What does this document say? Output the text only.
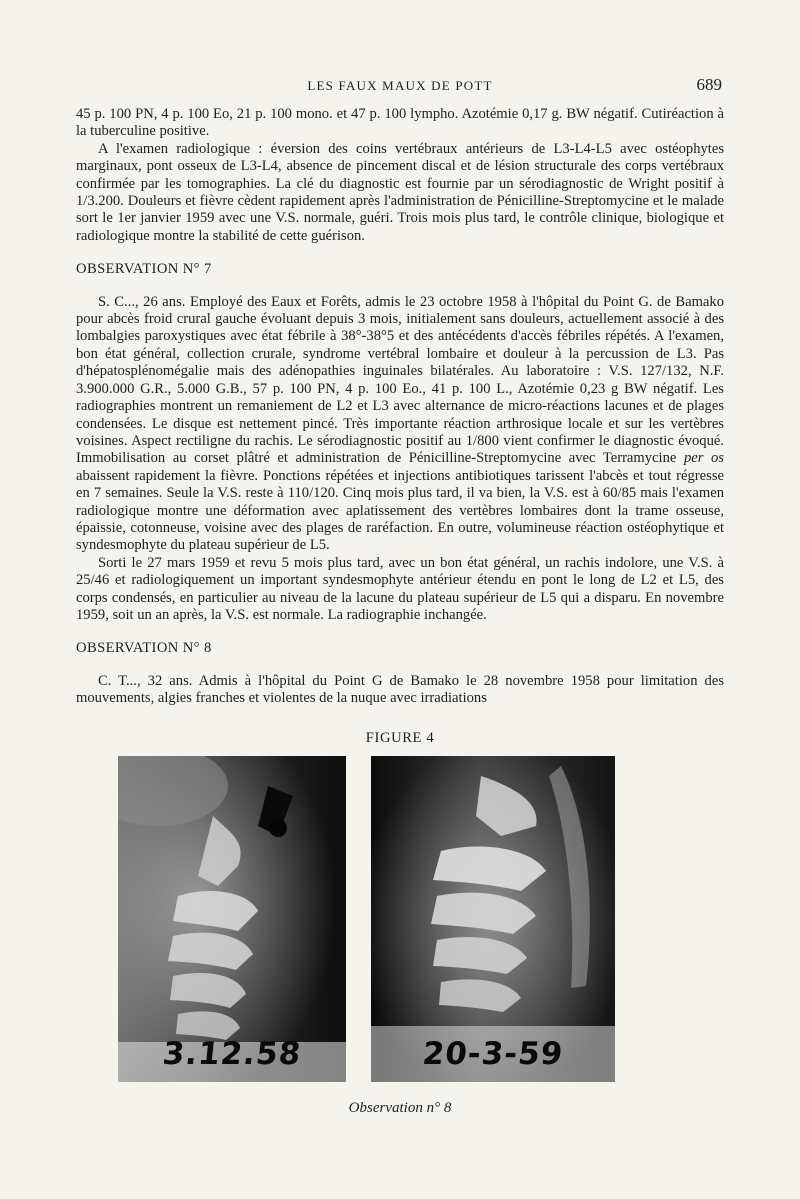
LES FAUX MAUX DE POTT	689

45 p. 100 PN, 4 p. 100 Eo, 21 p. 100 mono. et 47 p. 100 lympho. Azotémie 0,17 g. BW négatif. Cutiréaction à la tuberculine positive.

A l'examen radiologique : éversion des coins vertébraux antérieurs de L3-L4-L5 avec ostéophytes marginaux, pont osseux de L3-L4, absence de pincement discal et de lésion structurale des corps vertébraux confirmée par les tomographies. La clé du diagnostic est fournie par un sérodiagnostic de Wright positif à 1/3.200. Douleurs et fièvre cèdent rapidement après l'administration de Pénicilline-Streptomycine et le malade sort le 1er janvier 1959 avec une V.S. normale, guéri. Trois mois plus tard, le contrôle clinique, biologique et radiologique montre la stabilité de cette guérison.

OBSERVATION N° 7

S. C..., 26 ans. Employé des Eaux et Forêts, admis le 23 octobre 1958 à l'hôpital du Point G. de Bamako pour abcès froid crural gauche évoluant depuis 3 mois, initialement sans douleurs, actuellement associé à des lombalgies paroxystiques avec état fébrile à 38°-38°5 et des antécédents d'accès fébriles répétés. A l'examen, bon état général, collection crurale, syndrome vertébral lombaire et douleur à la percussion de L3. Pas d'hépatosplénomégalie mais des adénopathies inguinales bilatérales. Au laboratoire : V.S. 127/132, N.F. 3.900.000 G.R., 5.000 G.B., 57 p. 100 PN, 4 p. 100 Eo., 41 p. 100 L., Azotémie 0,23 g BW négatif. Les radiographies montrent un remaniement de L2 et L3 avec alternance de micro-réactions lacunes et de plages condensées. Le disque est nettement pincé. Très importante réaction arthrosique locale et sur les vertèbres voisines. Aspect rectiligne du rachis. Le sérodiagnostic positif au 1/800 vient confirmer le diagnostic évoqué. Immobilisation au corset plâtré et administration de Pénicilline-Streptomycine avec Terramycine per os abaissent rapidement la fièvre. Ponctions répétées et injections antibiotiques tarissent l'abcès et tout régresse en 7 semaines. Seule la V.S. reste à 110/120. Cinq mois plus tard, il va bien, la V.S. est à 60/85 mais l'examen radiologique montre une déformation avec aplatissement des vertèbres lombaires dont la trame osseuse, épaissie, cotonneuse, voisine avec des plages de raréfaction. En outre, volumineuse réaction ostéophytique et syndesmophyte du plateau supérieur de L5.

Sorti le 27 mars 1959 et revu 5 mois plus tard, avec un bon état général, un rachis indolore, une V.S. à 25/46 et radiologiquement un important syndesmophyte antérieur étendu en pont le long de L2 et L5, des corps condensés, en particulier au niveau de la lacune du plateau supérieur de L5 qui a disparu. En novembre 1959, soit un an après, la V.S. est normale. La radiographie inchangée.

OBSERVATION N° 8

C. T..., 32 ans. Admis à l'hôpital du Point G de Bamako le 28 novembre 1958 pour limitation des mouvements, algies franches et violentes de la nuque avec irradiations

FIGURE 4

3.12.58	20-3-59
Observation n° 8
